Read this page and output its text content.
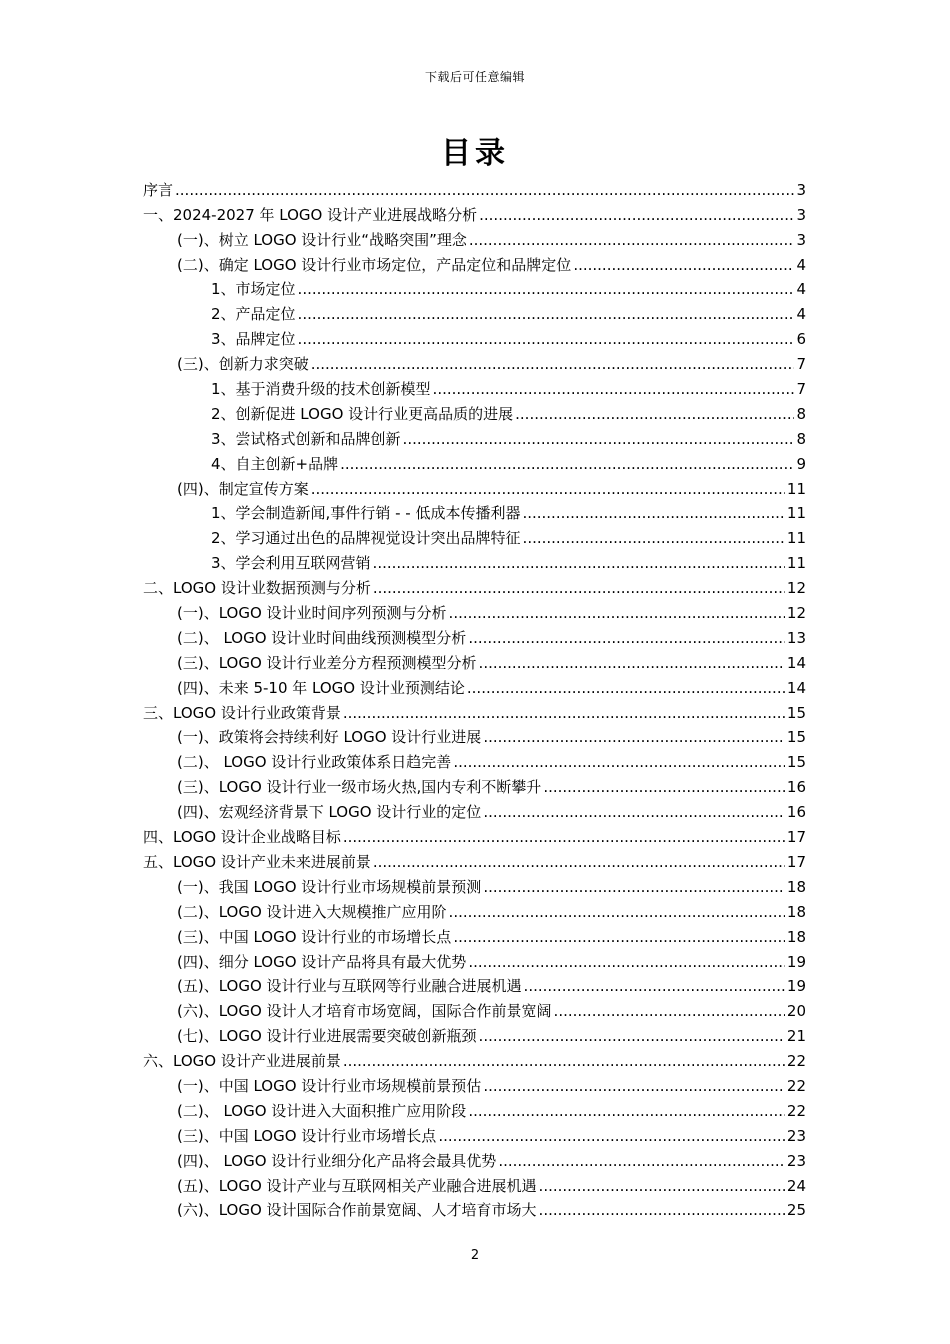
下载后可任意编辑
目录
序言 .....	3
一、2024-2027 年 LOGO 设计产业进展战略分析 .....	3
(一)、树立 LOGO 设计行业“战略突围”理念 .....	3
(二)、确定 LOGO 设计行业市场定位，产品定位和品牌定位 .....	4
1、市场定位 .....	4
2、产品定位 .....	4
3、品牌定位 .....	6
(三)、创新力求突破 .....	7
1、基于消费升级的技术创新模型 .....	7
2、创新促进 LOGO 设计行业更高品质的进展 .....	8
3、尝试格式创新和品牌创新 .....	8
4、自主创新+品牌 .....	9
(四)、制定宣传方案 .....	11
1、学会制造新闻,事件行销 - - 低成本传播利器 .....	11
2、学习通过出色的品牌视觉设计突出品牌特征 .....	11
3、学会利用互联网营销 .....	11
二、LOGO 设计业数据预测与分析 .....	12
(一)、LOGO 设计业时间序列预测与分析 .....	12
(二)、 LOGO 设计业时间曲线预测模型分析 .....	13
(三)、LOGO 设计行业差分方程预测模型分析 .....	14
(四)、未来 5-10 年 LOGO 设计业预测结论 .....	14
三、LOGO 设计行业政策背景 .....	15
(一)、政策将会持续利好 LOGO 设计行业进展 .....	15
(二)、 LOGO 设计行业政策体系日趋完善 .....	15
(三)、LOGO 设计行业一级市场火热,国内专利不断攀升 .....	16
(四)、宏观经济背景下 LOGO 设计行业的定位 .....	16
四、LOGO 设计企业战略目标 .....	17
五、LOGO 设计产业未来进展前景 .....	17
(一)、我国 LOGO 设计行业市场规模前景预测 .....	18
(二)、LOGO 设计进入大规模推广应用阶 .....	18
(三)、中国 LOGO 设计行业的市场增长点 .....	18
(四)、细分 LOGO 设计产品将具有最大优势 .....	19
(五)、LOGO 设计行业与互联网等行业融合进展机遇 .....	19
(六)、LOGO 设计人才培育市场宽阔，国际合作前景宽阔 .....	20
(七)、LOGO 设计行业进展需要突破创新瓶颈 .....	21
六、LOGO 设计产业进展前景 .....	22
(一)、中国 LOGO 设计行业市场规模前景预估 .....	22
(二)、 LOGO 设计进入大面积推广应用阶段 .....	22
(三)、中国 LOGO 设计行业市场增长点 .....	23
(四)、 LOGO 设计行业细分化产品将会最具优势 .....	23
(五)、LOGO 设计产业与互联网相关产业融合进展机遇 .....	24
(六)、LOGO 设计国际合作前景宽阔、人才培育市场大 .....	25
2
